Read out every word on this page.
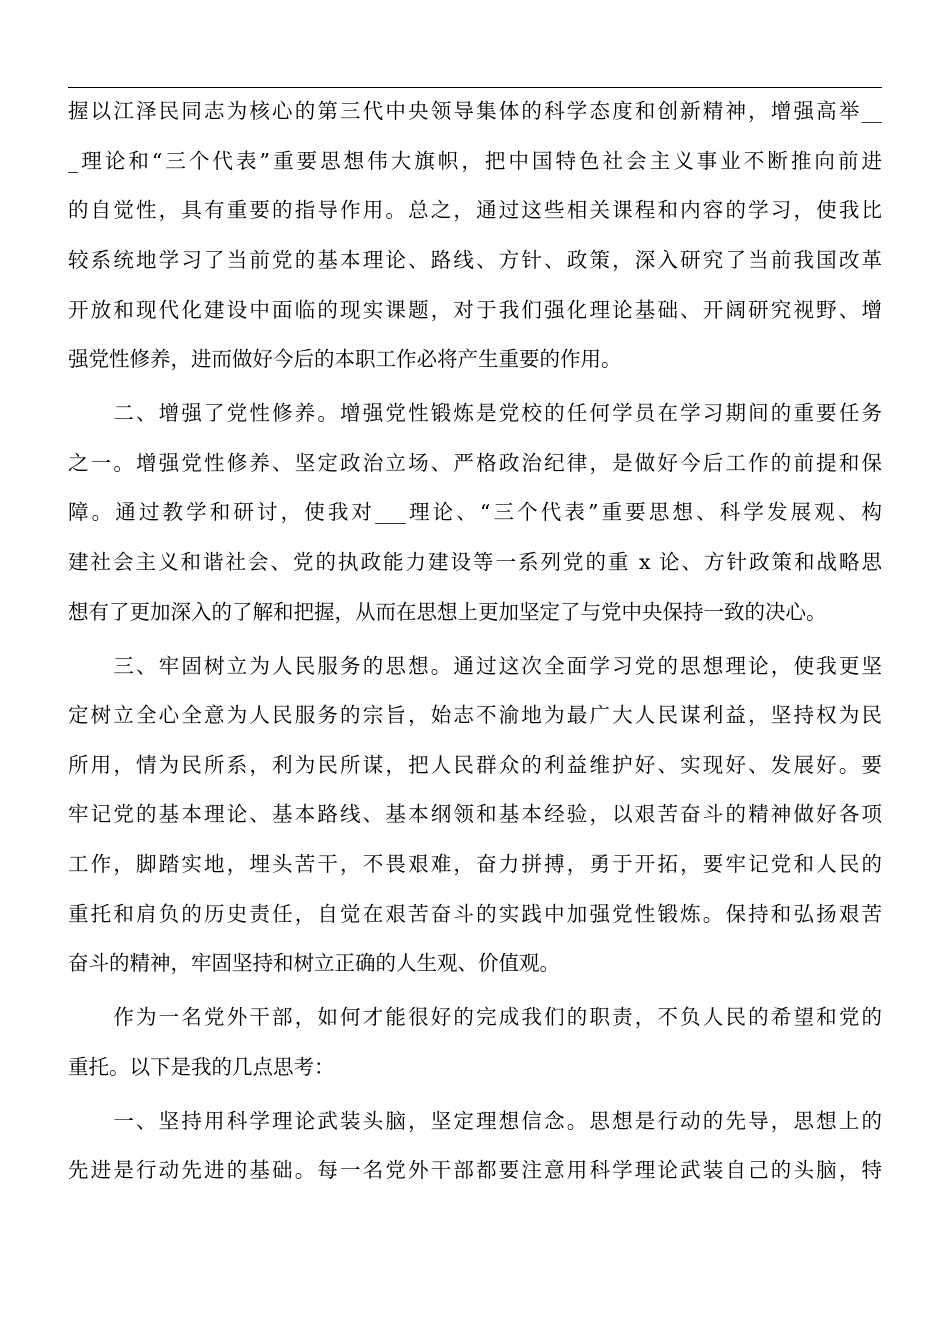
握以江泽民同志为核心的第三代中央领导集体的科学态度和创新精神，增强高举__
_理论和“三个代表”重要思想伟大旗帜，把中国特色社会主义事业不断推向前进
的自觉性，具有重要的指导作用。总之，通过这些相关课程和内容的学习，使我比
较系统地学习了当前党的基本理论、路线、方针、政策，深入研究了当前我国改革
开放和现代化建设中面临的现实课题，对于我们强化理论基础、开阔研究视野、增
强党性修养，进而做好今后的本职工作必将产生重要的作用。
　　二、增强了党性修养。增强党性锻炼是党校的任何学员在学习期间的重要任务
之一。增强党性修养、坚定政治立场、严格政治纪律，是做好今后工作的前提和保
障。通过教学和研讨，使我对___理论、“三个代表”重要思想、科学发展观、构
建社会主义和谐社会、党的执政能力建设等一系列党的重 x 论、方针政策和战略思
想有了更加深入的了解和把握，从而在思想上更加坚定了与党中央保持一致的决心。
　　三、牢固树立为人民服务的思想。通过这次全面学习党的思想理论，使我更坚
定树立全心全意为人民服务的宗旨，始志不渝地为最广大人民谋利益，坚持权为民
所用，情为民所系，利为民所谋，把人民群众的利益维护好、实现好、发展好。要
牢记党的基本理论、基本路线、基本纲领和基本经验，以艰苦奋斗的精神做好各项
工作，脚踏实地，埋头苦干，不畏艰难，奋力拼搏，勇于开拓，要牢记党和人民的
重托和肩负的历史责任，自觉在艰苦奋斗的实践中加强党性锻炼。保持和弘扬艰苦
奋斗的精神，牢固坚持和树立正确的人生观、价值观。
　　作为一名党外干部，如何才能很好的完成我们的职责，不负人民的希望和党的
重托。以下是我的几点思考：
　　一、坚持用科学理论武装头脑，坚定理想信念。思想是行动的先导，思想上的
先进是行动先进的基础。每一名党外干部都要注意用科学理论武装自己的头脑，特
